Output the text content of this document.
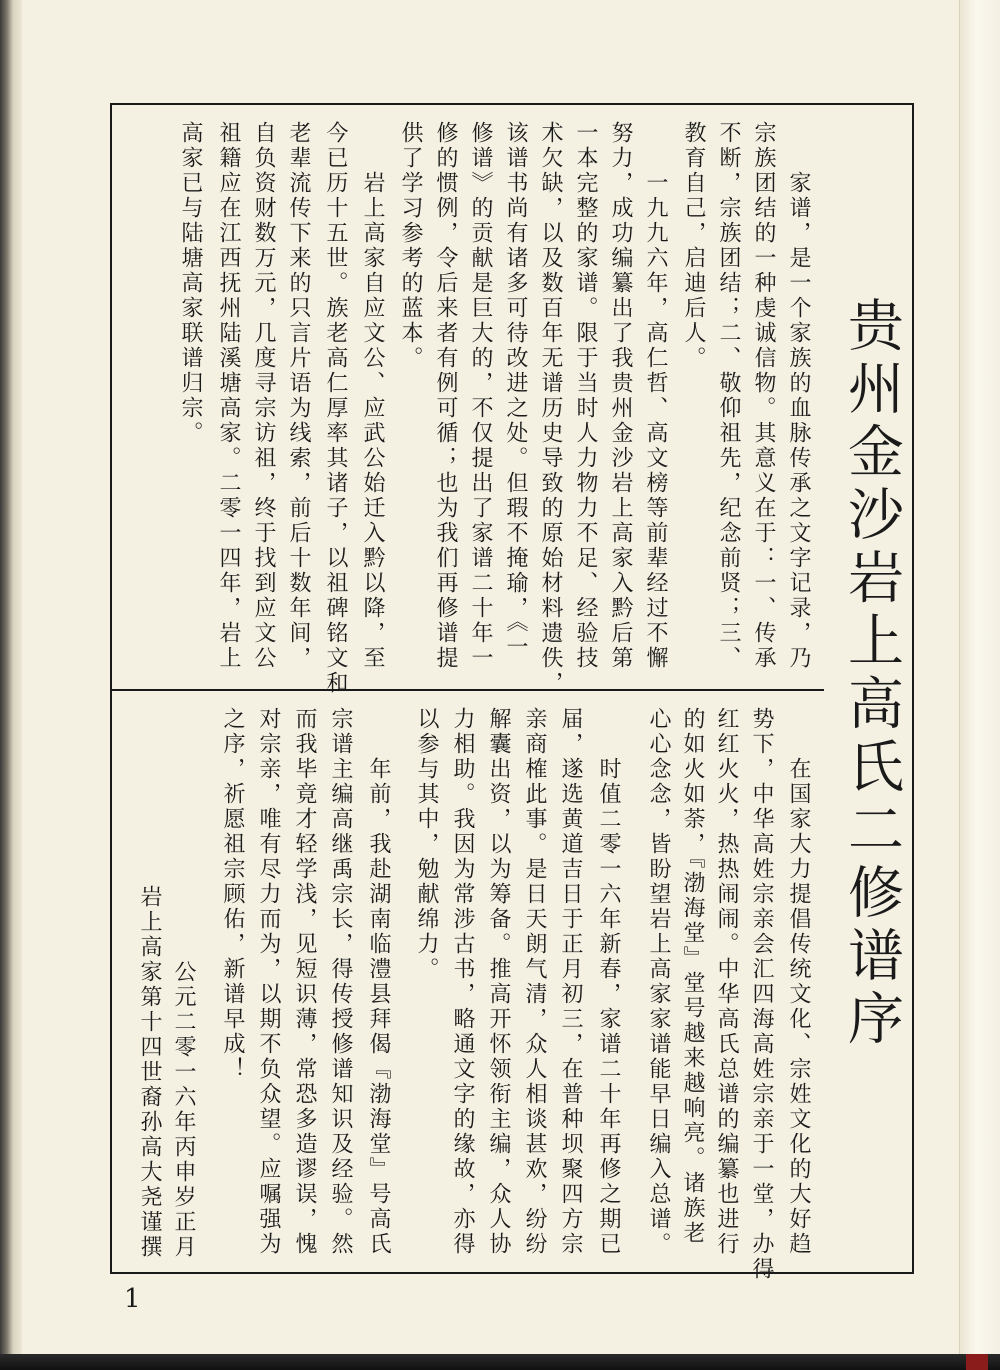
贵州金沙岩上高氏二修谱序
家谱，是一个家族的血脉传承之文字记录，乃
宗族团结的一种虔诚信物。其意义在于：一、传承
不断，宗族团结；二、敬仰祖先，纪念前贤；三、
教育自己，启迪后人。
一九九六年，高仁哲、高文榜等前辈经过不懈
努力，成功编纂出了我贵州金沙岩上高家入黔后第
一本完整的家谱。限于当时人力物力不足、经验技
术欠缺，以及数百年无谱历史导致的原始材料遗佚，
该谱书尚有诸多可待改进之处。但瑕不掩瑜，《一
修谱》的贡献是巨大的，不仅提出了家谱二十年一
修的惯例，令后来者有例可循；也为我们再修谱提
供了学习参考的蓝本。
岩上高家自应文公、应武公始迁入黔以降，至
今已历十五世。族老高仁厚率其诸子，以祖碑铭文和
老辈流传下来的只言片语为线索，前后十数年间，
自负资财数万元，几度寻宗访祖，终于找到应文公
祖籍应在江西抚州陆溪塘高家。二零一四年，岩上
高家已与陆塘高家联谱归宗。
在国家大力提倡传统文化、宗姓文化的大好趋
势下，中华高姓宗亲会汇四海高姓宗亲于一堂，办得
红红火火，热热闹闹。中华高氏总谱的编纂也进行
的如火如荼，『渤海堂』堂号越来越响亮。诸族老
心心念念，皆盼望岩上高家家谱能早日编入总谱。
时值二零一六年新春，家谱二十年再修之期已
届，遂选黄道吉日于正月初三，在普种坝聚四方宗
亲商榷此事。是日天朗气清，众人相谈甚欢，纷纷
解囊出资，以为筹备。推高开怀领衔主编，众人协
力相助。我因为常涉古书，略通文字的缘故，亦得
以参与其中，勉献绵力。
年前，我赴湖南临澧县拜偈『渤海堂』号高氏
宗谱主编高继禹宗长，得传授修谱知识及经验。然
而我毕竟才轻学浅，见短识薄，常恐多造谬误，愧
对宗亲，唯有尽力而为，以期不负众望。应嘱强为
之序，祈愿祖宗顾佑，新谱早成！
公元二零一六年丙申岁正月
岩上高家第十四世裔孙高大尧谨撰
1
